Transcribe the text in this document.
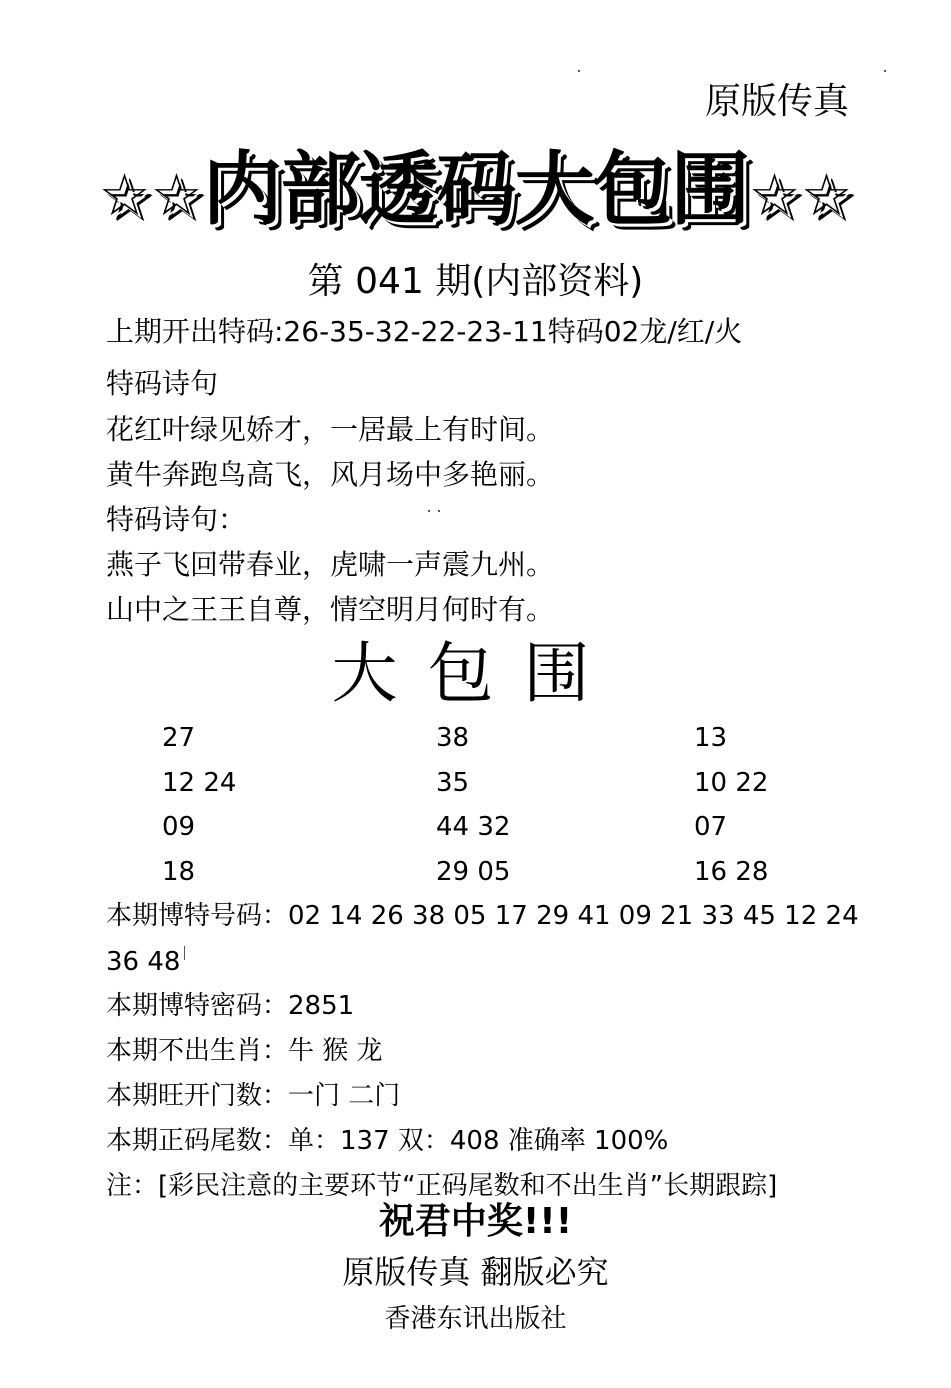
原版传真
☆☆内部透码大包围☆☆
第 041 期(内部资料)
上期开出特码:26-35-32-22-23-11特码02龙/红/火
特码诗句
花红叶绿见娇才，一居最上有时间。
黄牛奔跑鸟高飞，风月场中多艳丽。
特码诗句：
燕子飞回带春业，虎啸一声震九州。
山中之王王自尊，情空明月何时有。
大包围
27
12 24
09
18
38
35
44 32
29 05
13
10 22
07
16 28
本期博特号码：02 14 26 38 05 17 29 41 09 21 33 45 12 24
36 48
本期博特密码：2851
本期不出生肖：牛 猴 龙
本期旺开门数：一门 二门
本期正码尾数：单：137 双：408 准确率 100%
注：[彩民注意的主要环节“正码尾数和不出生肖”长期跟踪]
祝君中奖!!!
原版传真 翻版必究
香港东讯出版社
